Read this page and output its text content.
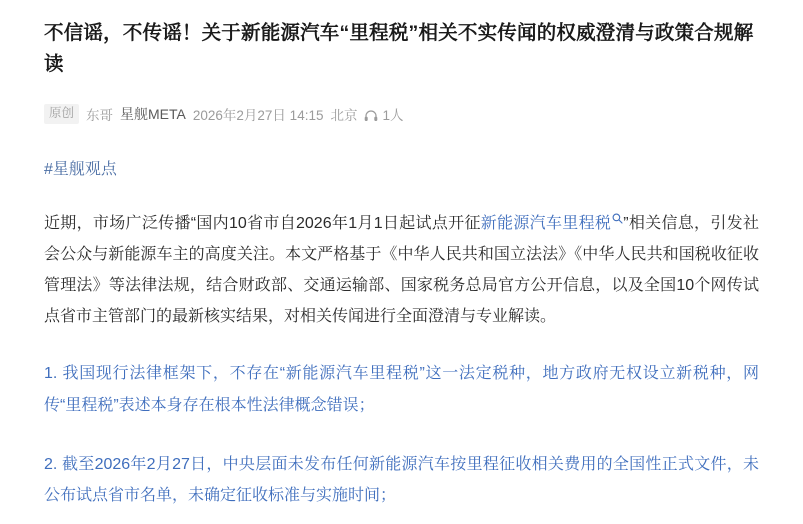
不信谣，不传谣！关于新能源汽车“里程税”相关不实传闻的权威澄清与政策合规解读
原创 东哥 星舰META 2026年2月27日 14:15 北京 1人
#星舰观点
近期，市场广泛传播“国内10省市自2026年1月1日起试点开征新能源汽车里程税 ”相关信息，引发社会公众与新能源车主的高度关注。本文严格基于《中华人民共和国立法法》《中华人民共和国税收征收管理法》等法律法规，结合财政部、交通运输部、国家税务总局官方公开信息，以及全国10个网传试点省市主管部门的最新核实结果，对相关传闻进行全面澄清与专业解读。
1. 我国现行法律框架下，不存在“新能源汽车里程税”这一法定税种，地方政府无权设立新税种，网传“里程税”表述本身存在根本性法律概念错误；
2. 截至2026年2月27日，中央层面未发布任何新能源汽车按里程征收相关费用的全国性正式文件，未公布试点省市名单，未确定征收标准与实施时间；
